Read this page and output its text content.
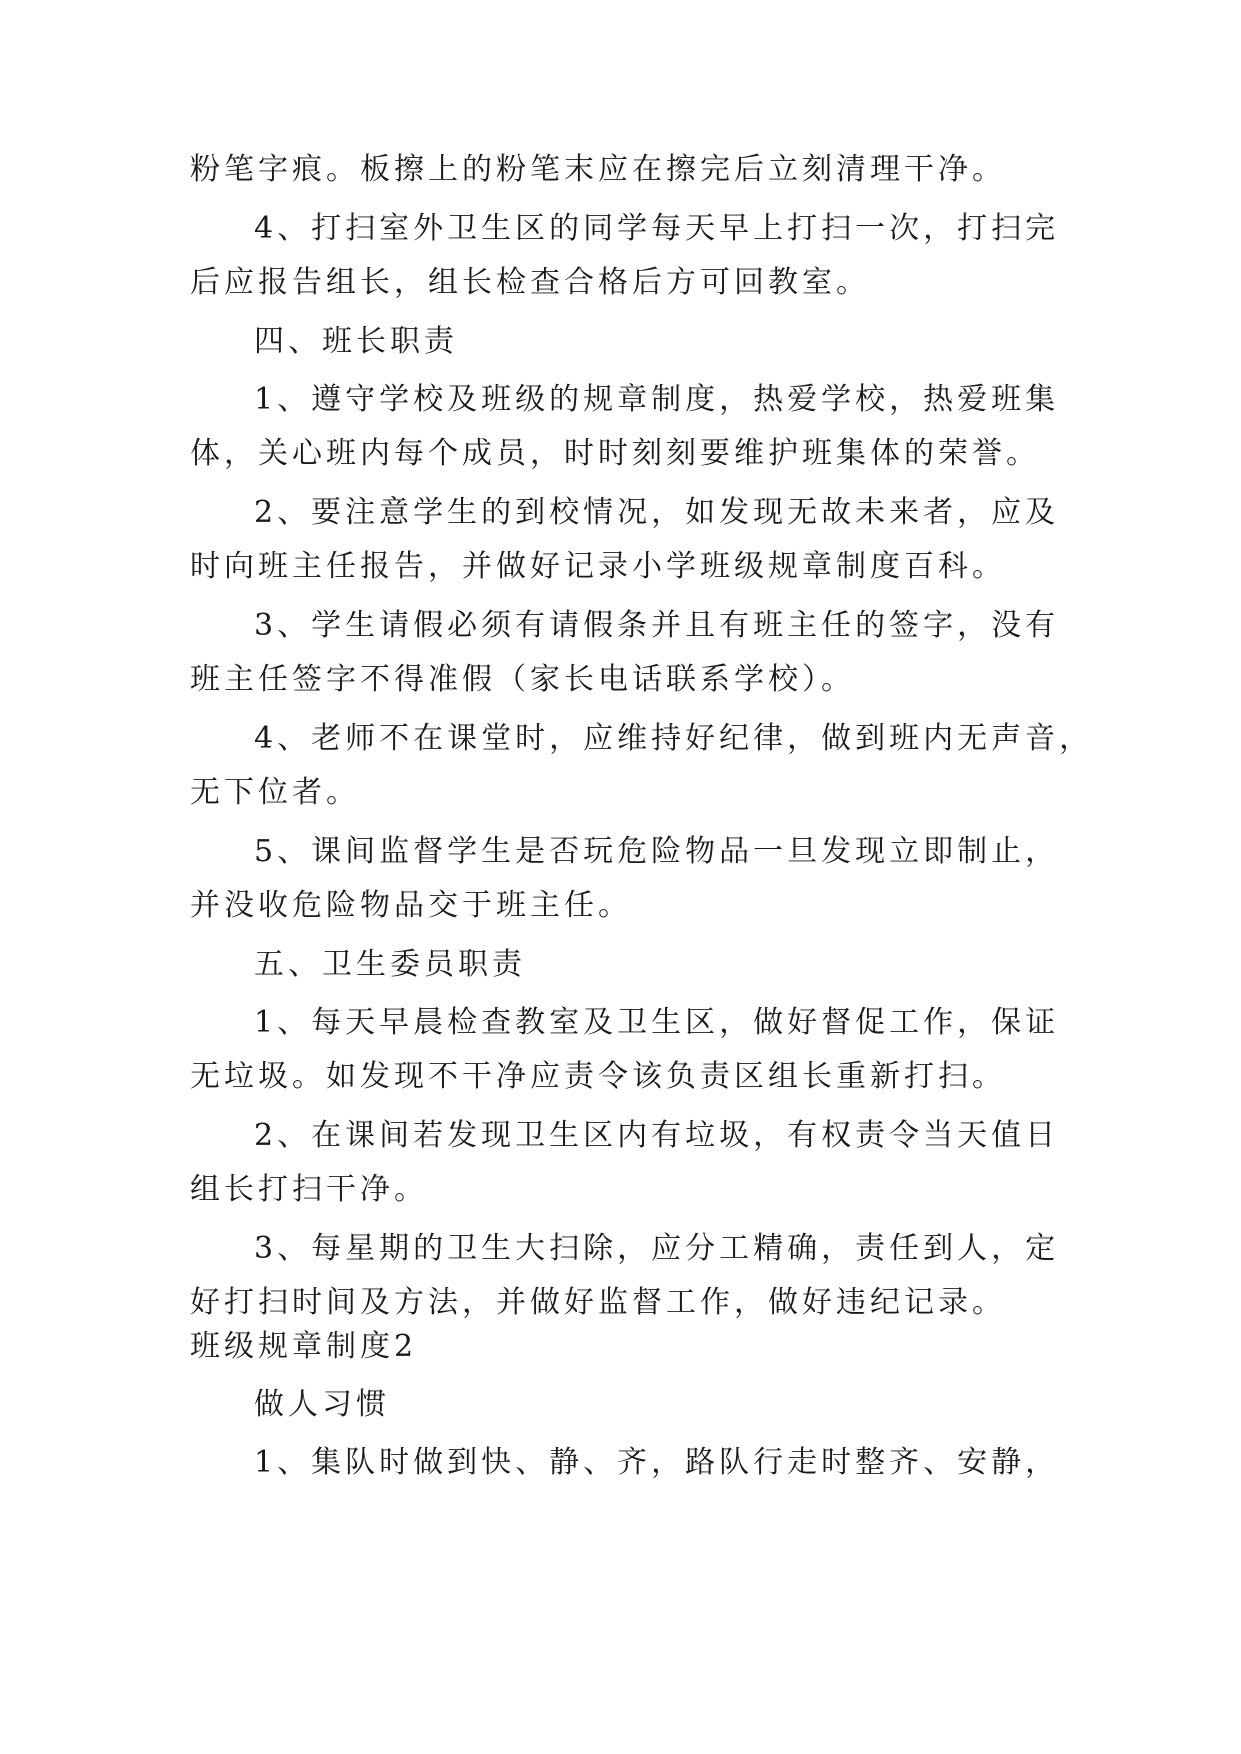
粉笔字痕。板擦上的粉笔末应在擦完后立刻清理干净。

4、打扫室外卫生区的同学每天早上打扫一次，打扫完

后应报告组长，组长检查合格后方可回教室。

四、班长职责

1、遵守学校及班级的规章制度，热爱学校，热爱班集

体，关心班内每个成员，时时刻刻要维护班集体的荣誉。

2、要注意学生的到校情况，如发现无故未来者，应及

时向班主任报告，并做好记录小学班级规章制度百科。

3、学生请假必须有请假条并且有班主任的签字，没有

班主任签字不得准假（家长电话联系学校）。

4、老师不在课堂时，应维持好纪律，做到班内无声音，

无下位者。

5、课间监督学生是否玩危险物品一旦发现立即制止，

并没收危险物品交于班主任。

五、卫生委员职责

1、每天早晨检查教室及卫生区，做好督促工作，保证

无垃圾。如发现不干净应责令该负责区组长重新打扫。

2、在课间若发现卫生区内有垃圾，有权责令当天值日

组长打扫干净。

3、每星期的卫生大扫除，应分工精确，责任到人，定

好打扫时间及方法，并做好监督工作，做好违纪记录。

班级规章制度2

做人习惯

1、集队时做到快、静、齐，路队行走时整齐、安静，
